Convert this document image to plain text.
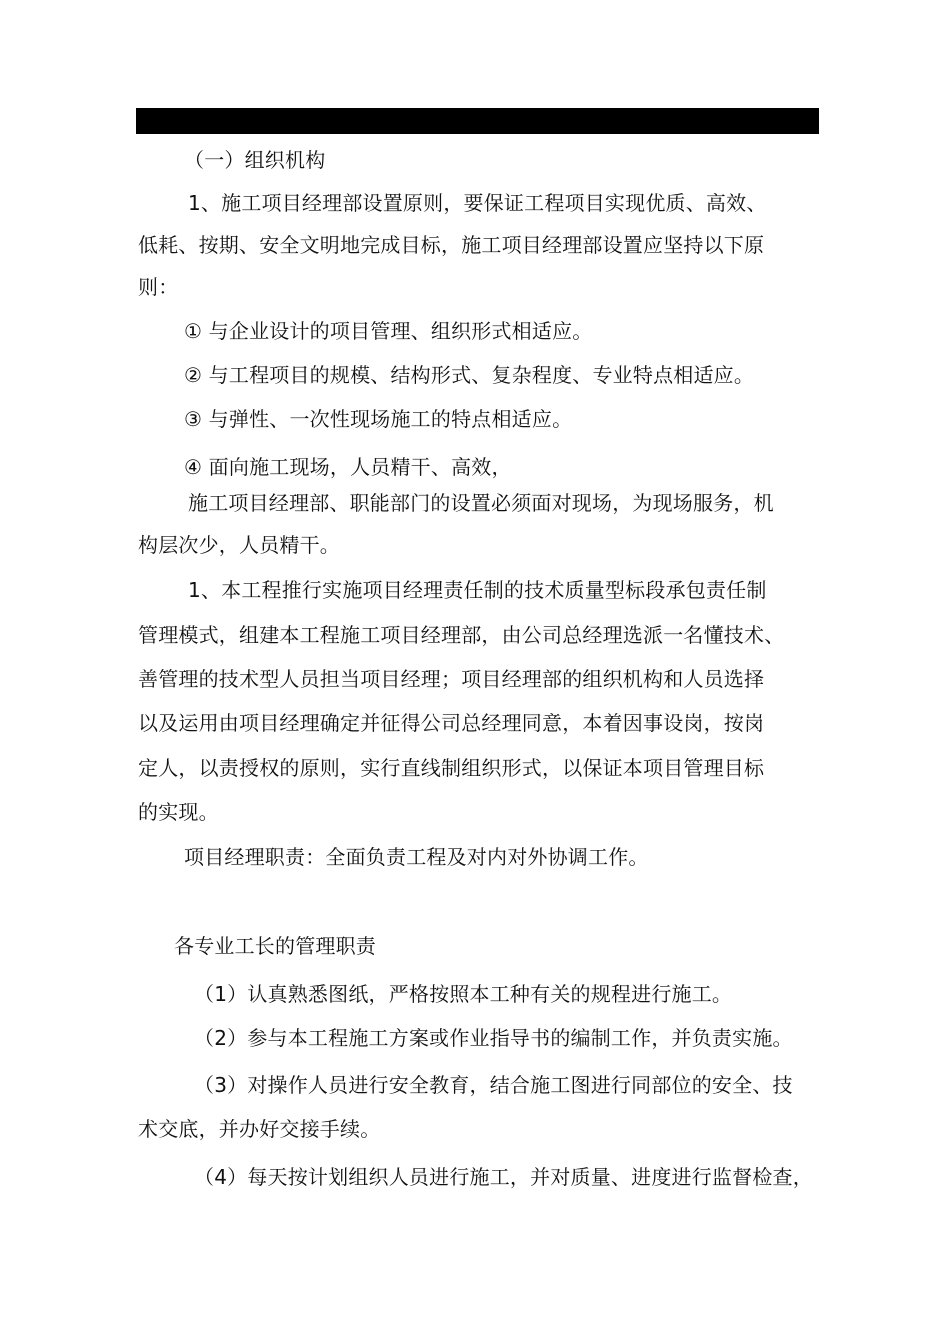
四、项目
（一）组织机构
1、施工项目经理部设置原则，要保证工程项目实现优质、高效、
低耗、按期、安全文明地完成目标，施工项目经理部设置应坚持以下原
则：
① 与企业设计的项目管理、组织形式相适应。
② 与工程项目的规模、结构形式、复杂程度、专业特点相适应。
③ 与弹性、一次性现场施工的特点相适应。
④ 面向施工现场，人员精干、高效，
施工项目经理部、职能部门的设置必须面对现场，为现场服务，机
构层次少，人员精干。
1、本工程推行实施项目经理责任制的技术质量型标段承包责任制
管理模式，组建本工程施工项目经理部，由公司总经理选派一名懂技术、
善管理的技术型人员担当项目经理；项目经理部的组织机构和人员选择
以及运用由项目经理确定并征得公司总经理同意，本着因事设岗，按岗
定人，以责授权的原则，实行直线制组织形式，以保证本项目管理目标
的实现。
项目经理职责：全面负责工程及对内对外协调工作。
各专业工长的管理职责
（1）认真熟悉图纸，严格按照本工种有关的规程进行施工。
（2）参与本工程施工方案或作业指导书的编制工作，并负责实施。
（3）对操作人员进行安全教育，结合施工图进行同部位的安全、技
术交底，并办好交接手续。
（4）每天按计划组织人员进行施工，并对质量、进度进行监督检查，
